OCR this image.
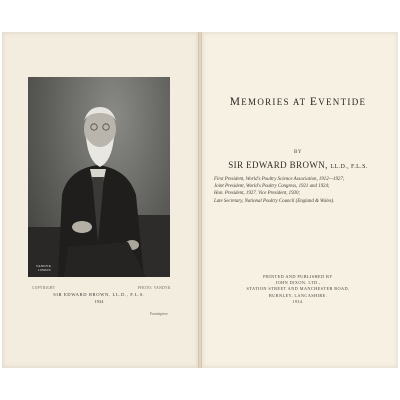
VANDYK
LONDON
COPYRIGHT	PHOTO: VANDYK
SIR EDWARD BROWN, LL.D., F.L.S.
1934
Frontispiece
MEMORIES AT EVENTIDE
BY
SIR EDWARD BROWN, LL.D., F.L.S.
First President, World's Poultry Science Association, 1912—1927;
Joint President, World's Poultry Congress, 1921 and 1924;
Hon. President, 1927. Vice President, 1930;
Late Secretary, National Poultry Council (England & Wales).
PRINTED AND PUBLISHED BY
JOHN DIXON, LTD.,
STATION STREET AND MANCHESTER ROAD,
BURNLEY, LANCASHIRE.
1934.
